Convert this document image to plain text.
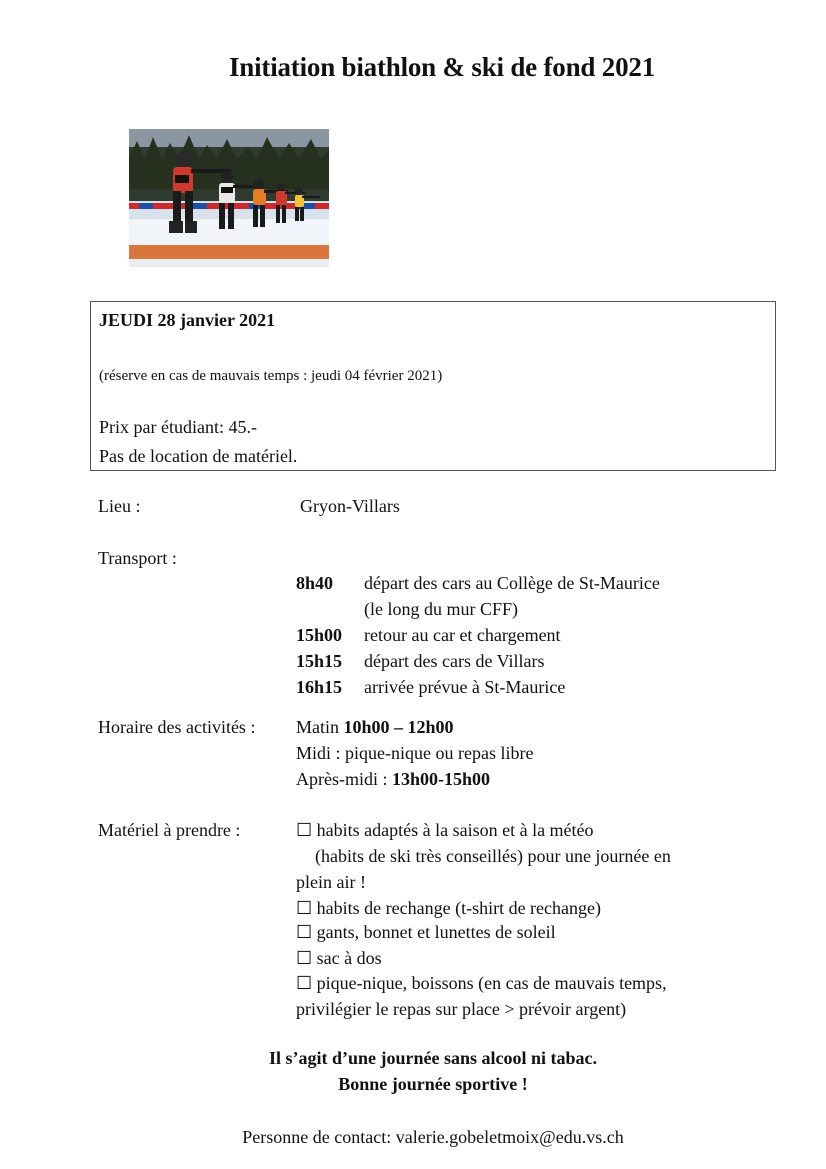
Initiation biathlon & ski de fond 2021
JEUDI 28 janvier 2021
(réserve en cas de mauvais temps : jeudi 04 février 2021)
Prix par étudiant: 45.-
Pas de location de matériel.
Lieu :	Gryon-Villars
Transport :
8h40 départ des cars au Collège de St-Maurice
(le long du mur CFF)
15h00 retour au car et chargement
15h15 départ des cars de Villars
16h15 arrivée prévue à St-Maurice
Horaire des activités : Matin 10h00 – 12h00
Midi : pique-nique ou repas libre
Après-midi : 13h00-15h00
Matériel à prendre :	☐ habits adaptés à la saison et à la météo
(habits de ski très conseillés) pour une journée en
plein air !
☐ habits de rechange (t-shirt de rechange)
☐ gants, bonnet et lunettes de soleil
☐ sac à dos
☐ pique-nique, boissons (en cas de mauvais temps,
privilégier le repas sur place > prévoir argent)
Il s’agit d’une journée sans alcool ni tabac.
Bonne journée sportive !
Personne de contact: valerie.gobeletmoix@edu.vs.ch
